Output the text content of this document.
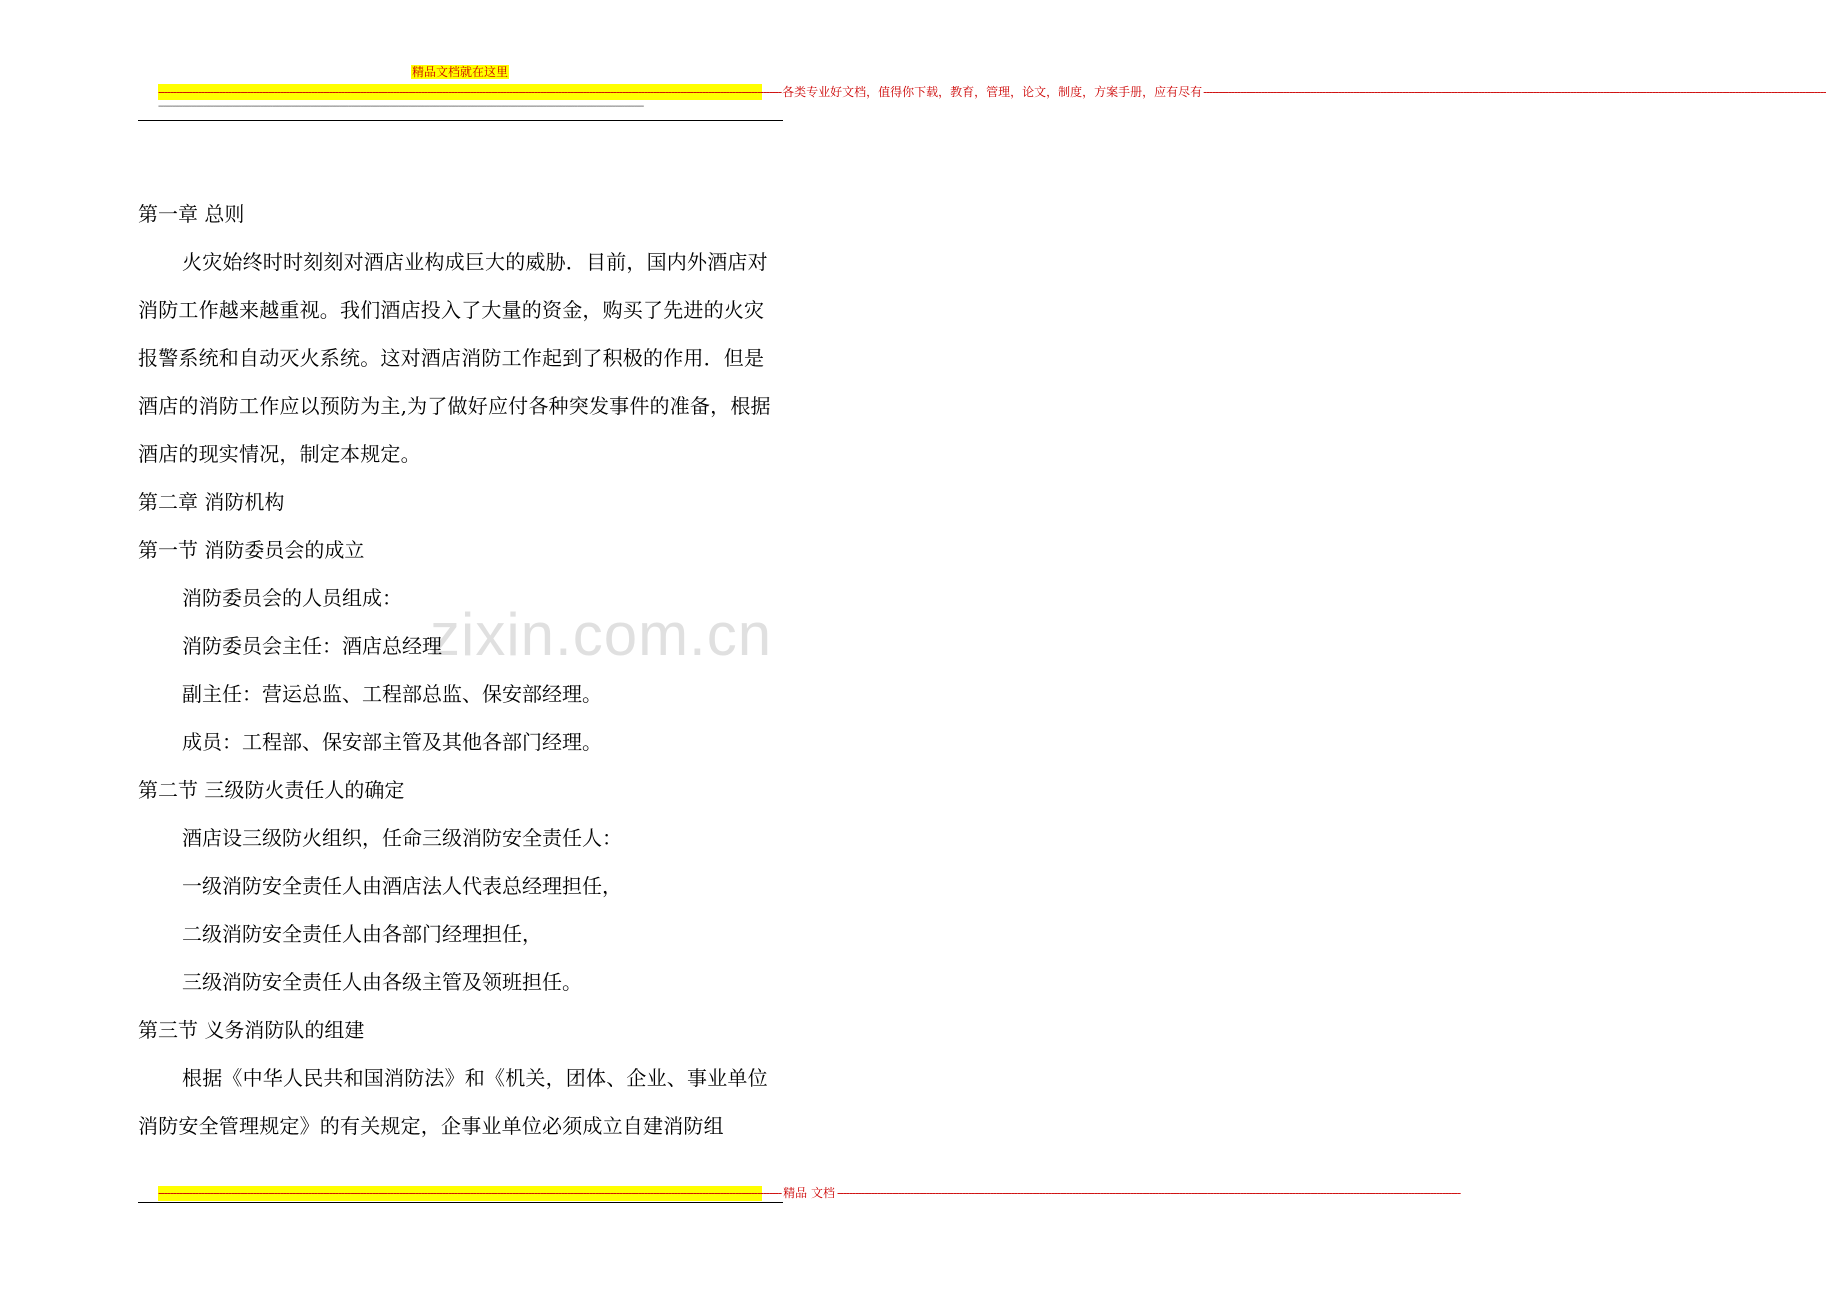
精品文档就在这里
------------------------------------------------------------------------------------------------------------------------------------------------------------------------------------------------------------ 各类专业好文档，值得你下载，教育，管理，论文，制度，方案手册，应有尽有 ------------------------------------------------------------------------------------------------------------------------------------------------------------------------------------------------------------
------------------------------------------------------------------------------------------------------------------------------------------------------------------------------------------------------------
zixin.com.cn

第一章 总则

火灾始终时时刻刻对酒店业构成巨大的威胁．目前，国内外酒店对消防工作越来越重视。我们酒店投入了大量的资金，购买了先进的火灾报警系统和自动灭火系统。这对酒店消防工作起到了积极的作用．但是酒店的消防工作应以预防为主,为了做好应付各种突发事件的准备，根据酒店的现实情况，制定本规定。

第二章 消防机构

第一节 消防委员会的成立

消防委员会的人员组成：

消防委员会主任：酒店总经理

副主任：营运总监、工程部总监、保安部经理。

成员：工程部、保安部主管及其他各部门经理。

第二节 三级防火责任人的确定

酒店设三级防火组织，任命三级消防安全责任人：

一级消防安全责任人由酒店法人代表总经理担任，

二级消防安全责任人由各部门经理担任，

三级消防安全责任人由各级主管及领班担任。

第三节 义务消防队的组建

根据《中华人民共和国消防法》和《机关，团体、企业、事业单位消防安全管理规定》的有关规定，企事业单位必须成立自建消防组

------------------------------------------------------------------------------------------------------------------------------------------------------------------------------------------------------------ 精品 文档 ------------------------------------------------------------------------------------------------------------------------------------------------------------------------------------------------------------
